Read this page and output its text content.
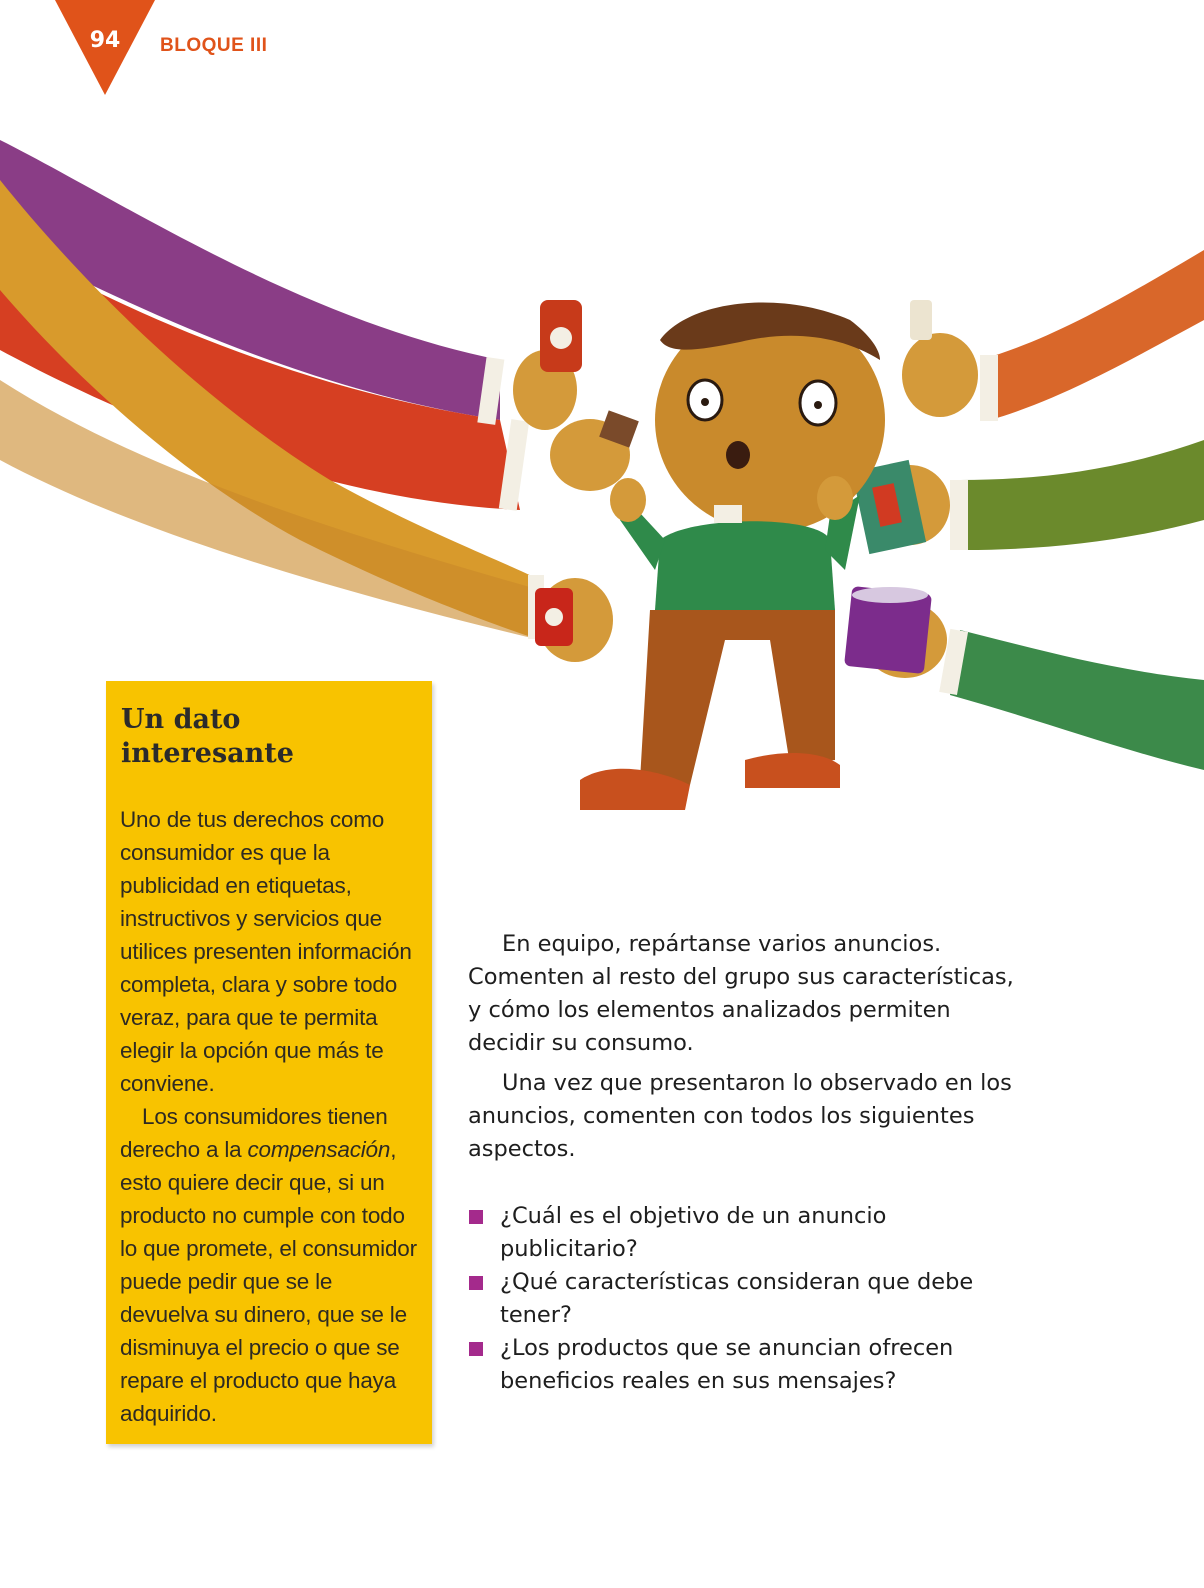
94	BLOQUE III
Un dato interesante

Uno de tus derechos como consumidor es que la publicidad en etiquetas, instructivos y servicios que utilices presenten información completa, clara y sobre todo veraz, para que te permita elegir la opción que más te conviene.

Los consumidores tienen derecho a la compensación, esto quiere decir que, si un producto no cumple con todo lo que promete, el consumidor puede pedir que se le devuelva su dinero, que se le disminuya el precio o que se repare el producto que haya adquirido.

En equipo, repártanse varios anuncios. Comenten al resto del grupo sus características, y cómo los elementos analizados permiten decidir su consumo.

Una vez que presentaron lo observado en los anuncios, comenten con todos los siguientes aspectos.

¿Cuál es el objetivo de un anuncio publicitario?
¿Qué características consideran que debe tener?
¿Los productos que se anuncian ofrecen beneficios reales en sus mensajes?
